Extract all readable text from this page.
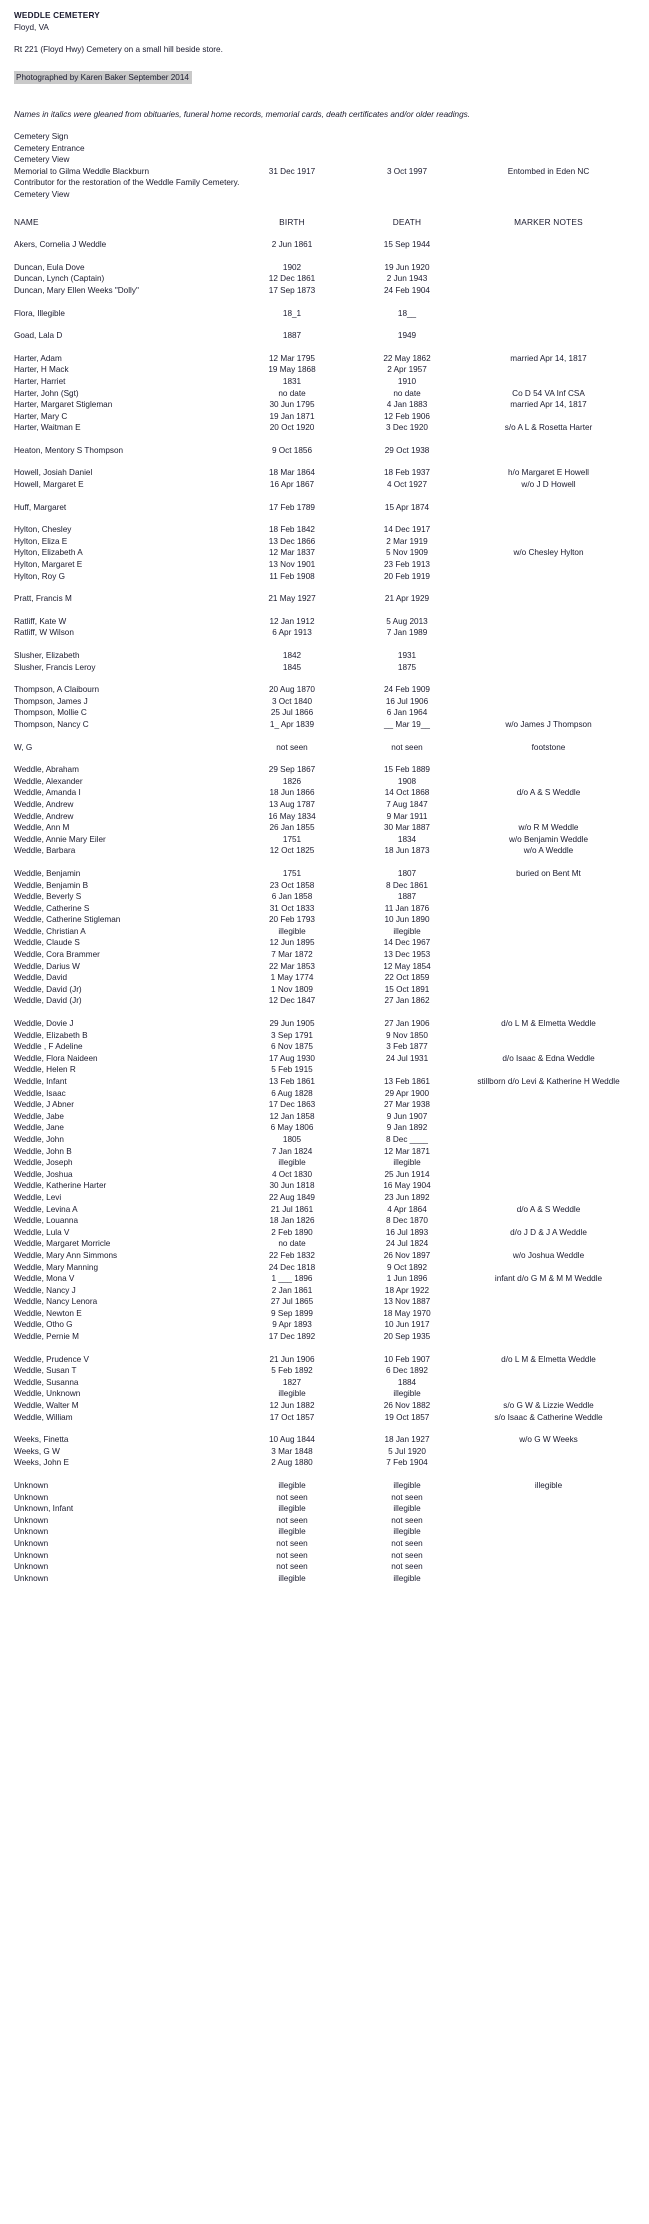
WEDDLE CEMETERY
Floyd, VA
Rt 221 (Floyd Hwy) Cemetery on a small hill beside store.
Photographed by Karen Baker September 2014
Names in italics were gleaned from obituaries, funeral home records, memorial cards, death certificates and/or older readings.
Cemetery Sign			
Cemetery Entrance			
Cemetery View			
Memorial to Gilma Weddle Blackburn	31 Dec 1917	3 Oct 1997	Entombed in Eden NC
Contributor for the restoration of the Weddle Family Cemetery.			
Cemetery View			
NAME	BIRTH	DEATH	MARKER NOTES

Akers, Cornelia J Weddle	2 Jun 1861	15 Sep 1944	

Duncan, Eula Dove	1902	19 Jun 1920	
Duncan, Lynch (Captain)	12 Dec 1861	2 Jun 1943	
Duncan, Mary Ellen Weeks "Dolly"	17 Sep 1873	24 Feb 1904	

Flora, Illegible	18_1	18__	

Goad, Lala D	1887	1949	

Harter, Adam	12 Mar 1795	22 May 1862	married Apr 14, 1817
Harter, H Mack	19 May 1868	2 Apr 1957	
Harter, Harriet	1831	1910	
Harter, John (Sgt)	no date	no date	Co D 54 VA Inf CSA
Harter, Margaret Stigleman	30 Jun 1795	4 Jan 1883	married Apr 14, 1817
Harter, Mary C	19 Jan 1871	12 Feb 1906	
Harter, Waitman E	20 Oct 1920	3 Dec 1920	s/o A L & Rosetta Harter

Heaton, Mentory S Thompson	9 Oct 1856	29 Oct 1938	

Howell, Josiah Daniel	18 Mar 1864	18 Feb 1937	h/o Margaret E Howell
Howell, Margaret E	16 Apr 1867	4 Oct 1927	w/o J D Howell

Huff, Margaret	17 Feb 1789	15 Apr 1874	

Hylton, Chesley	18 Feb 1842	14 Dec 1917	
Hylton, Eliza E	13 Dec 1866	2 Mar 1919	
Hylton, Elizabeth A	12 Mar 1837	5 Nov 1909	w/o Chesley Hylton
Hylton, Margaret E	13 Nov 1901	23 Feb 1913	
Hylton, Roy G	11 Feb 1908	20 Feb 1919	

Pratt, Francis M	21 May 1927	21 Apr 1929	

Ratliff, Kate W	12 Jan 1912	5 Aug 2013	
Ratliff, W Wilson	6 Apr 1913	7 Jan 1989	

Slusher, Elizabeth	1842	1931	
Slusher, Francis Leroy	1845	1875	

Thompson, A Claibourn	20 Aug 1870	24 Feb 1909	
Thompson, James J	3 Oct 1840	16 Jul 1906	
Thompson, Mollie C	25 Jul 1866	6 Jan 1964	
Thompson, Nancy C	1_ Apr 1839	__ Mar 19__	w/o James J Thompson

W, G	not seen	not seen	footstone

Weddle, Abraham	29 Sep 1867	15 Feb 1889	
Weddle, Alexander	1826	1908	
Weddle, Amanda I	18 Jun 1866	14 Oct 1868	d/o A & S Weddle
Weddle, Andrew	13 Aug 1787	7 Aug 1847	
Weddle, Andrew	16 May 1834	9 Mar 1911	
Weddle, Ann M	26 Jan 1855	30 Mar 1887	w/o R M Weddle
Weddle, Annie Mary Eiler	1751	1834	w/o Benjamin Weddle
Weddle, Barbara	12 Oct 1825	18 Jun 1873	w/o A Weddle

Weddle, Benjamin	1751	1807	buried on Bent Mt
Weddle, Benjamin B	23 Oct 1858	8 Dec 1861	
Weddle, Beverly S	6 Jan 1858	1887	
Weddle, Catherine S	31 Oct 1833	11 Jan 1876	
Weddle, Catherine Stigleman	20 Feb 1793	10 Jun 1890	
Weddle, Christian A	illegible	illegible	
Weddle, Claude S	12 Jun 1895	14 Dec 1967	
Weddle, Cora Brammer	7 Mar 1872	13 Dec 1953	
Weddle, Darius W	22 Mar 1853	12 May 1854	
Weddle, David	1 May 1774	22 Oct 1859	
Weddle, David (Jr)	1 Nov 1809	15 Oct 1891	
Weddle, David (Jr)	12 Dec 1847	27 Jan 1862	

Weddle, Dovie J	29 Jun 1905	27 Jan 1906	d/o L M & Elmetta Weddle
Weddle, Elizabeth B	3 Sep 1791	9 Nov 1850	
Weddle , F Adeline	6 Nov 1875	3 Feb 1877	
Weddle, Flora Naideen	17 Aug 1930	24 Jul 1931	d/o Isaac & Edna Weddle
Weddle, Helen R	5 Feb 1915		
Weddle, Infant	13 Feb 1861	13 Feb 1861	stillborn d/o Levi & Katherine H Weddle
Weddle, Isaac	6 Aug 1828	29 Apr 1900	
Weddle, J Abner	17 Dec 1863	27 Mar 1938	
Weddle, Jabe	12 Jan 1858	9 Jun 1907	
Weddle, Jane	6 May 1806	9 Jan 1892	
Weddle, John	1805	8 Dec ____	
Weddle, John B	7 Jan 1824	12 Mar 1871	
Weddle, Joseph	illegible	illegible	
Weddle, Joshua	4 Oct 1830	25 Jun 1914	
Weddle, Katherine Harter	30 Jun 1818	16 May 1904	
Weddle, Levi	22 Aug 1849	23 Jun 1892	
Weddle, Levina A	21 Jul 1861	4 Apr 1864	d/o A & S Weddle
Weddle, Louanna	18 Jan 1826	8 Dec 1870	
Weddle, Lula V	2 Feb 1890	16 Jul 1893	d/o J D & J A Weddle
Weddle, Margaret Morricle	no date	24 Jul 1824	
Weddle, Mary Ann Simmons	22 Feb 1832	26 Nov 1897	w/o Joshua Weddle
Weddle, Mary Manning	24 Dec 1818	9 Oct 1892	
Weddle, Mona V	1 ___ 1896	1 Jun 1896	infant d/o G M & M M Weddle
Weddle, Nancy J	2 Jan 1861	18 Apr 1922	
Weddle, Nancy Lenora	27 Jul 1865	13 Nov 1887	
Weddle, Newton E	9 Sep 1899	18 May 1970	
Weddle, Otho G	9 Apr 1893	10 Jun 1917	
Weddle, Pernie M	17 Dec 1892	20 Sep 1935	

Weddle, Prudence V	21 Jun 1906	10 Feb 1907	d/o L M & Elmetta Weddle
Weddle, Susan T	5 Feb 1892	6 Dec 1892	
Weddle, Susanna	1827	1884	
Weddle, Unknown	illegible	illegible	
Weddle, Walter M	12 Jun 1882	26 Nov 1882	s/o G W & Lizzie Weddle
Weddle, William	17 Oct 1857	19 Oct 1857	s/o Isaac & Catherine Weddle

Weeks, Finetta	10 Aug 1844	18 Jan 1927	w/o G W Weeks
Weeks, G W	3 Mar 1848	5 Jul 1920	
Weeks, John E	2 Aug 1880	7 Feb 1904	

Unknown	illegible	illegible	illegible
Unknown	not seen	not seen	
Unknown, Infant	illegible	illegible	
Unknown	not seen	not seen	
Unknown	illegible	illegible	
Unknown	not seen	not seen	
Unknown	not seen	not seen	
Unknown	not seen	not seen	
Unknown	illegible	illegible	
